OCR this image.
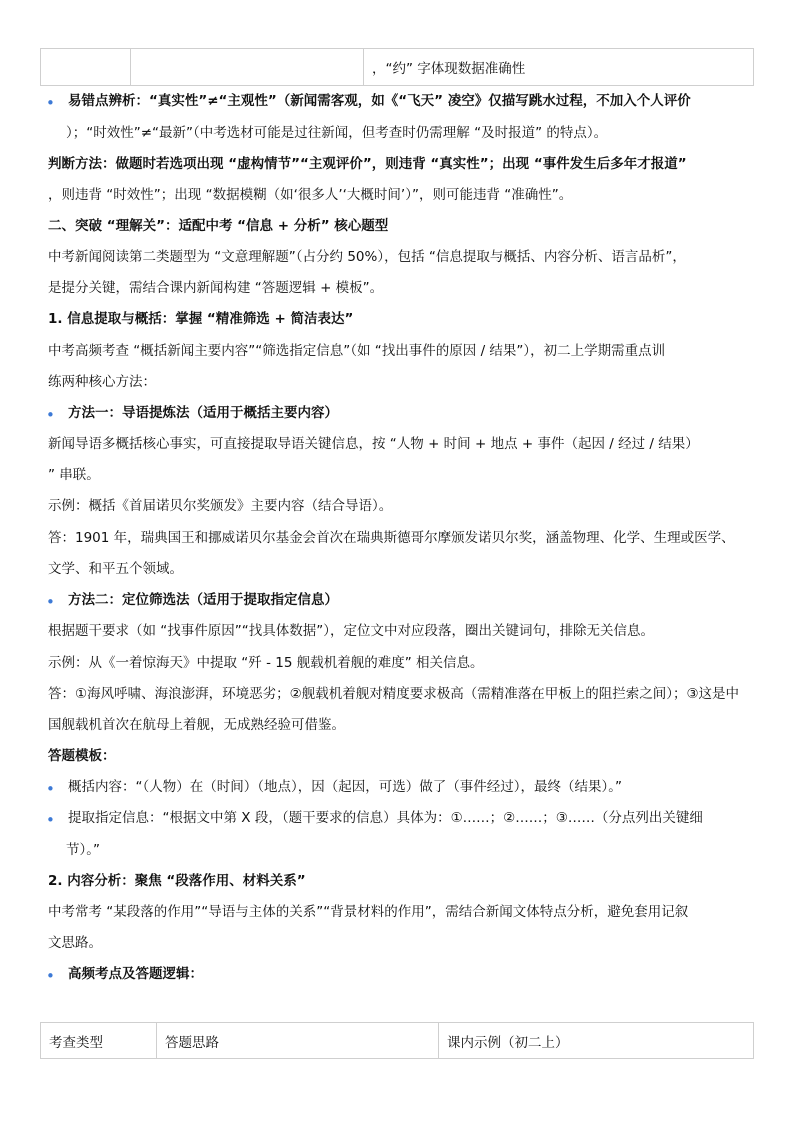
		，“约” 字体现数据准确性
• 易错点辨析：“真实性”≠“主观性”（新闻需客观，如《“飞天” 凌空》仅描写跳水过程，不加入个人评价
）；“时效性”≠“最新”（中考选材可能是过往新闻，但考查时仍需理解 “及时报道” 的特点）。
判断方法：做题时若选项出现 “虚构情节”“主观评价”，则违背 “真实性”；出现 “事件发生后多年才报道”
，则违背 “时效性”；出现 “数据模糊（如‘很多人’‘大概时间’）”，则可能违背 “准确性”。
二、突破 “理解关”：适配中考 “信息 + 分析” 核心题型
中考新闻阅读第二类题型为 “文意理解题”（占分约 50%），包括 “信息提取与概括、内容分析、语言品析”，
是提分关键，需结合课内新闻构建 “答题逻辑 + 模板”。
1. 信息提取与概括：掌握 “精准筛选 + 简洁表达”
中考高频考查 “概括新闻主要内容”“筛选指定信息”（如 “找出事件的原因 / 结果”），初二上学期需重点训
练两种核心方法：
• 方法一：导语提炼法（适用于概括主要内容）
新闻导语多概括核心事实，可直接提取导语关键信息，按 “人物 + 时间 + 地点 + 事件（起因 / 经过 / 结果）
” 串联。
示例：概括《首届诺贝尔奖颁发》主要内容（结合导语）。
答：1901 年，瑞典国王和挪威诺贝尔基金会首次在瑞典斯德哥尔摩颁发诺贝尔奖，涵盖物理、化学、生理或医学、
文学、和平五个领域。
• 方法二：定位筛选法（适用于提取指定信息）
根据题干要求（如 “找事件原因”“找具体数据”），定位文中对应段落，圈出关键词句，排除无关信息。
示例：从《一着惊海天》中提取 “歼 - 15 舰载机着舰的难度” 相关信息。
答：①海风呼啸、海浪澎湃，环境恶劣；②舰载机着舰对精度要求极高（需精准落在甲板上的阻拦索之间）；③这是中
国舰载机首次在航母上着舰，无成熟经验可借鉴。
答题模板：
• 概括内容：“（人物）在（时间）（地点），因（起因，可选）做了（事件经过），最终（结果）。”
• 提取指定信息：“根据文中第 X 段，（题干要求的信息）具体为：①……；②……；③……（分点列出关键细
节）。”
2. 内容分析：聚焦 “段落作用、材料关系”
中考常考 “某段落的作用”“导语与主体的关系”“背景材料的作用”，需结合新闻文体特点分析，避免套用记叙
文思路。
• 高频考点及答题逻辑：
考查类型	答题思路	课内示例（初二上）
